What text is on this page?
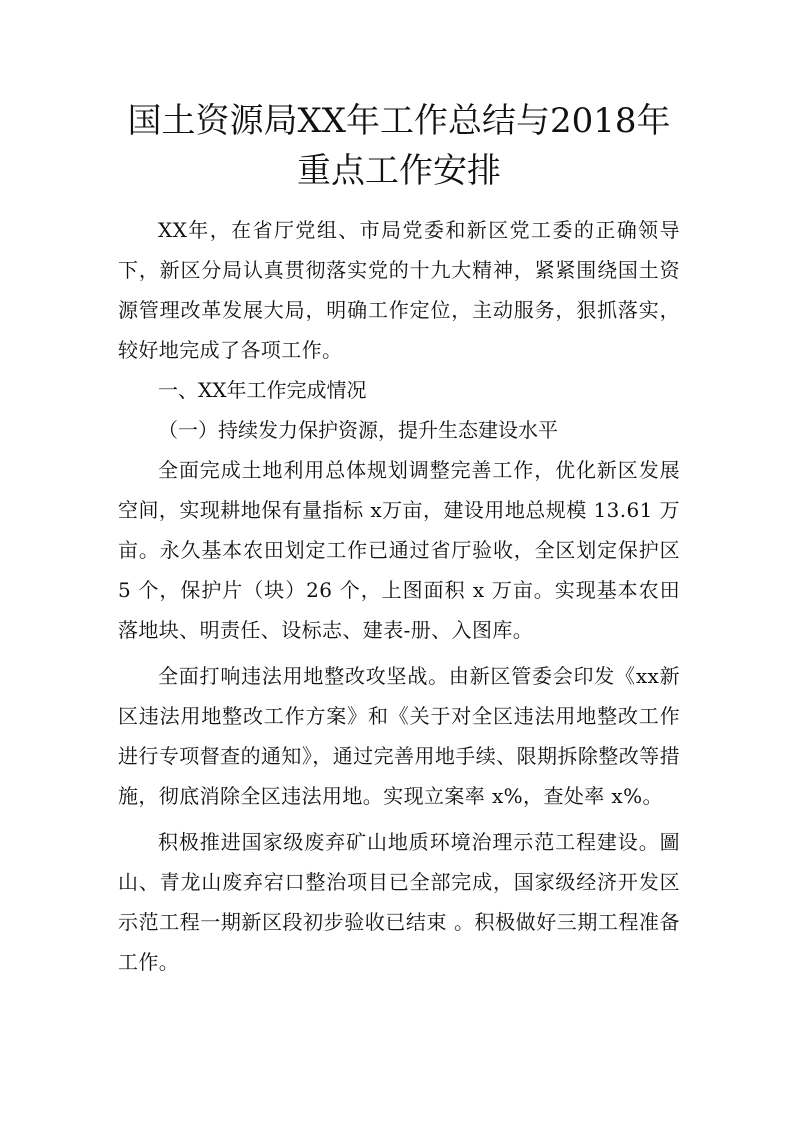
国土资源局XX年工作总结与2018年重点工作安排

XX年，在省厅党组、市局党委和新区党工委的正确领导下，新区分局认真贯彻落实党的十九大精神，紧紧围绕国土资源管理改革发展大局，明确工作定位，主动服务，狠抓落实，较好地完成了各项工作。

一、XX年工作完成情况

（一）持续发力保护资源，提升生态建设水平

全面完成土地利用总体规划调整完善工作，优化新区发展空间，实现耕地保有量指标 x万亩，建设用地总规模 13.61 万亩。永久基本农田划定工作已通过省厅验收，全区划定保护区 5 个，保护片（块）26 个，上图面积 x 万亩。实现基本农田落地块、明责任、设标志、建表-册、入图库。

全面打响违法用地整改攻坚战。由新区管委会印发《xx新区违法用地整改工作方案》和《关于对全区违法用地整改工作进行专项督查的通知》，通过完善用地手续、限期拆除整改等措施，彻底消除全区违法用地。实现立案率 x%，查处率 x%。

积极推进国家级废弃矿山地质环境治理示范工程建设。圖山、青龙山废弃宕口整治项目已全部完成，国家级经济开发区示范工程一期新区段初步验收已结束 。积极做好三期工程准备工作。
